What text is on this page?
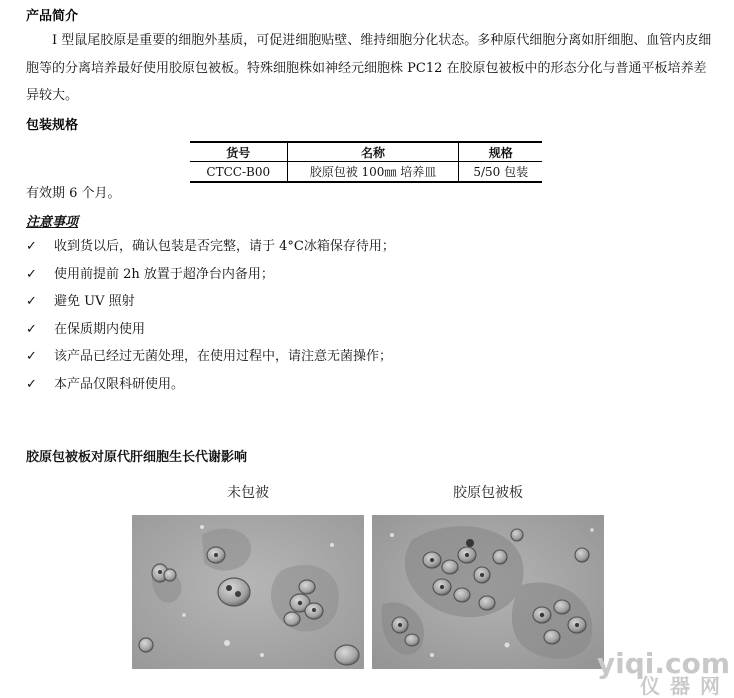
产品简介
I 型鼠尾胶原是重要的细胞外基质，可促进细胞贴壁、维持细胞分化状态。多种原代细胞分离如肝细胞、血管内皮细胞等的分离培养最好使用胶原包被板。特殊细胞株如神经元细胞株 PC12 在胶原包被板中的形态分化与普通平板培养差异较大。
包装规格
货号	名称	规格
CTCC-B00	胶原包被 100㎜ 培养皿	5/50 包装
有效期 6 个月。
注意事项
✓	收到货以后，确认包装是否完整，请于 4°C冰箱保存待用；
✓	使用前提前 2h 放置于超净台内备用；
✓	避免 UV 照射
✓	在保质期内使用
✓	该产品已经过无菌处理，在使用过程中，请注意无菌操作；
✓	本产品仅限科研使用。
胶原包被板对原代肝细胞生长代谢影响
未包被	胶原包被板
yiqi.com
仪器网
